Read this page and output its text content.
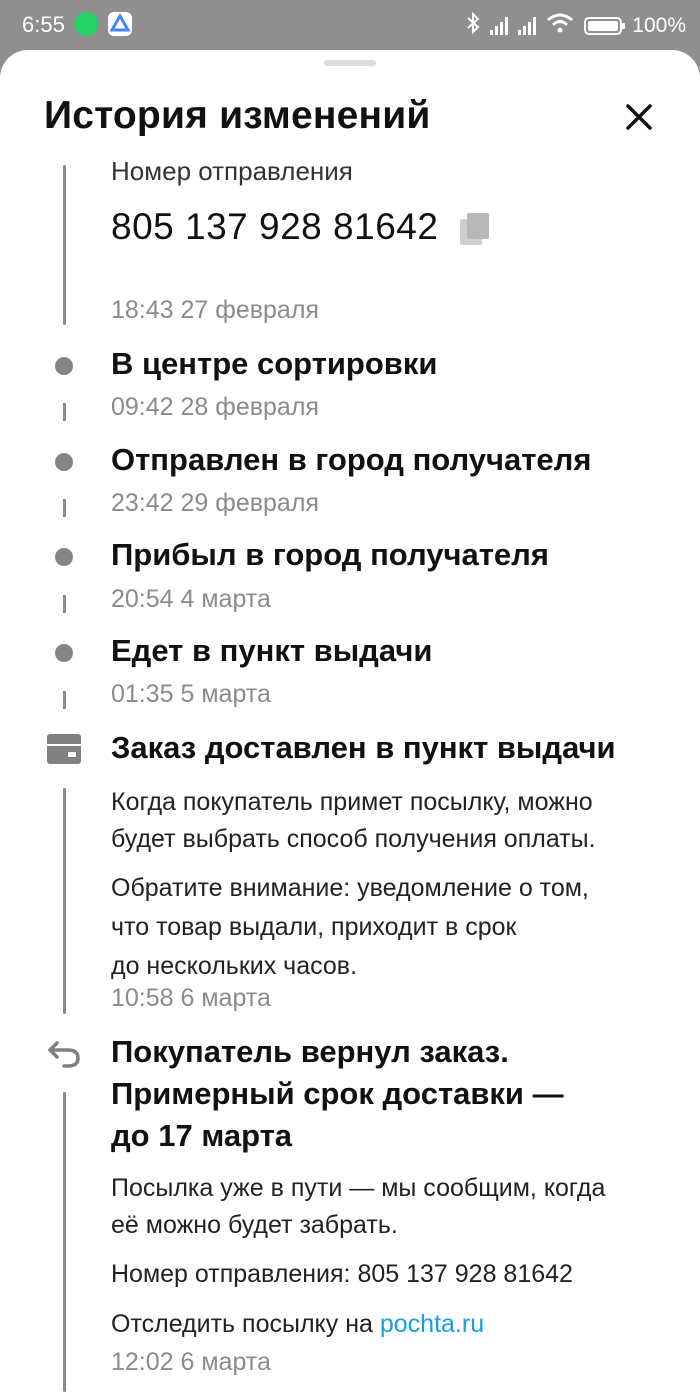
6:55	100%
История изменений
Номер отправления
805 137 928 81642
18:43 27 февраля
В центре сортировки
09:42 28 февраля
Отправлен в город получателя
23:42 29 февраля
Прибыл в город получателя
20:54 4 марта
Едет в пункт выдачи
01:35 5 марта
Заказ доставлен в пункт выдачи
Когда покупатель примет посылку, можно
будет выбрать способ получения оплаты.
Обратите внимание: уведомление о том,
что товар выдали, приходит в срок
до нескольких часов.
10:58 6 марта
Покупатель вернул заказ.
Примерный срок доставки —
до 17 марта
Посылка уже в пути — мы сообщим, когда
её можно будет забрать.
Номер отправления: 805 137 928 81642
Отследить посылку на pochta.ru
12:02 6 марта
